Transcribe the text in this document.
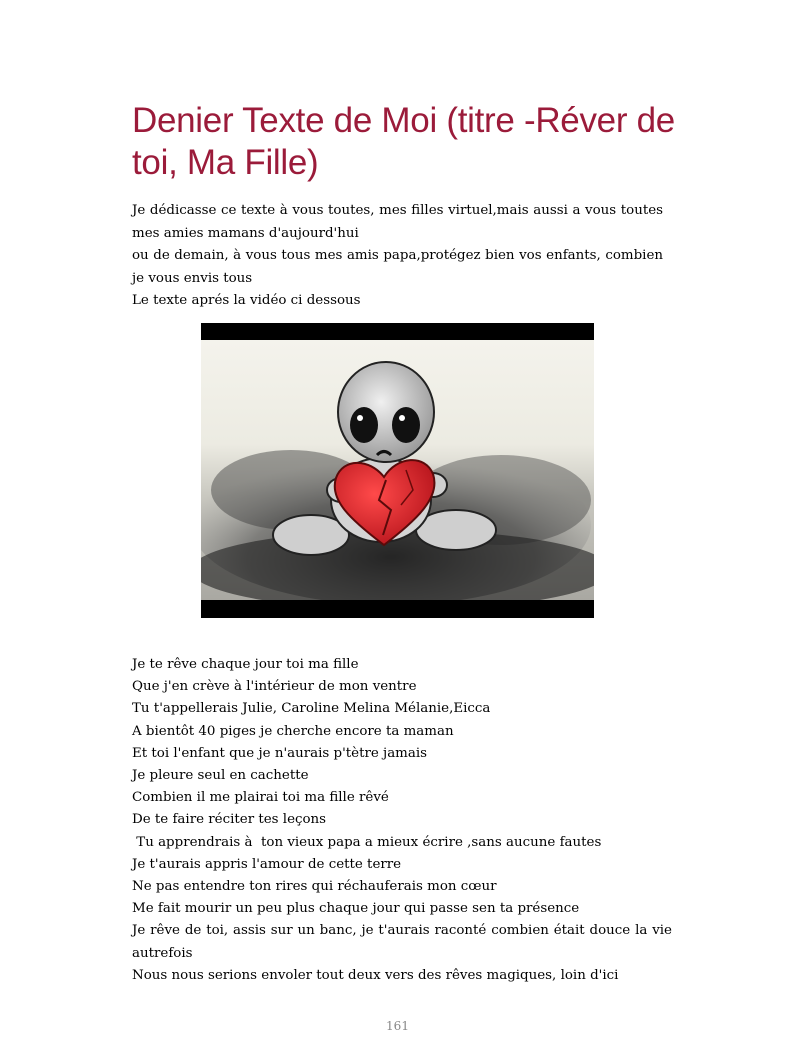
Denier Texte de Moi (titre -Réver de toi, Ma Fille)

Je dédicasse ce texte à vous toutes, mes filles virtuel,mais aussi a vous toutes mes amies mamans d'aujourd'hui

ou de demain, à vous tous mes amis papa,protégez bien vos enfants, combien je vous envis tous

Le texte aprés la vidéo ci dessous

Je te rêve chaque jour toi ma fille

Que j'en crève à l'intérieur de mon ventre

Tu t'appellerais Julie, Caroline Melina Mélanie,Eicca

A bientôt 40 piges je cherche encore ta maman

Et toi l'enfant que je n'aurais p'tètre jamais

Je pleure seul en cachette

Combien il me plairai toi ma fille rêvé

De te faire réciter tes leçons

Tu apprendrais à  ton vieux papa a mieux écrire ,sans aucune fautes

Je t'aurais appris l'amour de cette terre

Ne pas entendre ton rires qui réchauferais mon cœur

Me fait mourir un peu plus chaque jour qui passe sen ta présence

Je rêve de toi, assis sur un banc, je t'aurais raconté combien était douce la vie autrefois

Nous nous serions envoler tout deux vers des rêves magiques, loin d'ici

161
